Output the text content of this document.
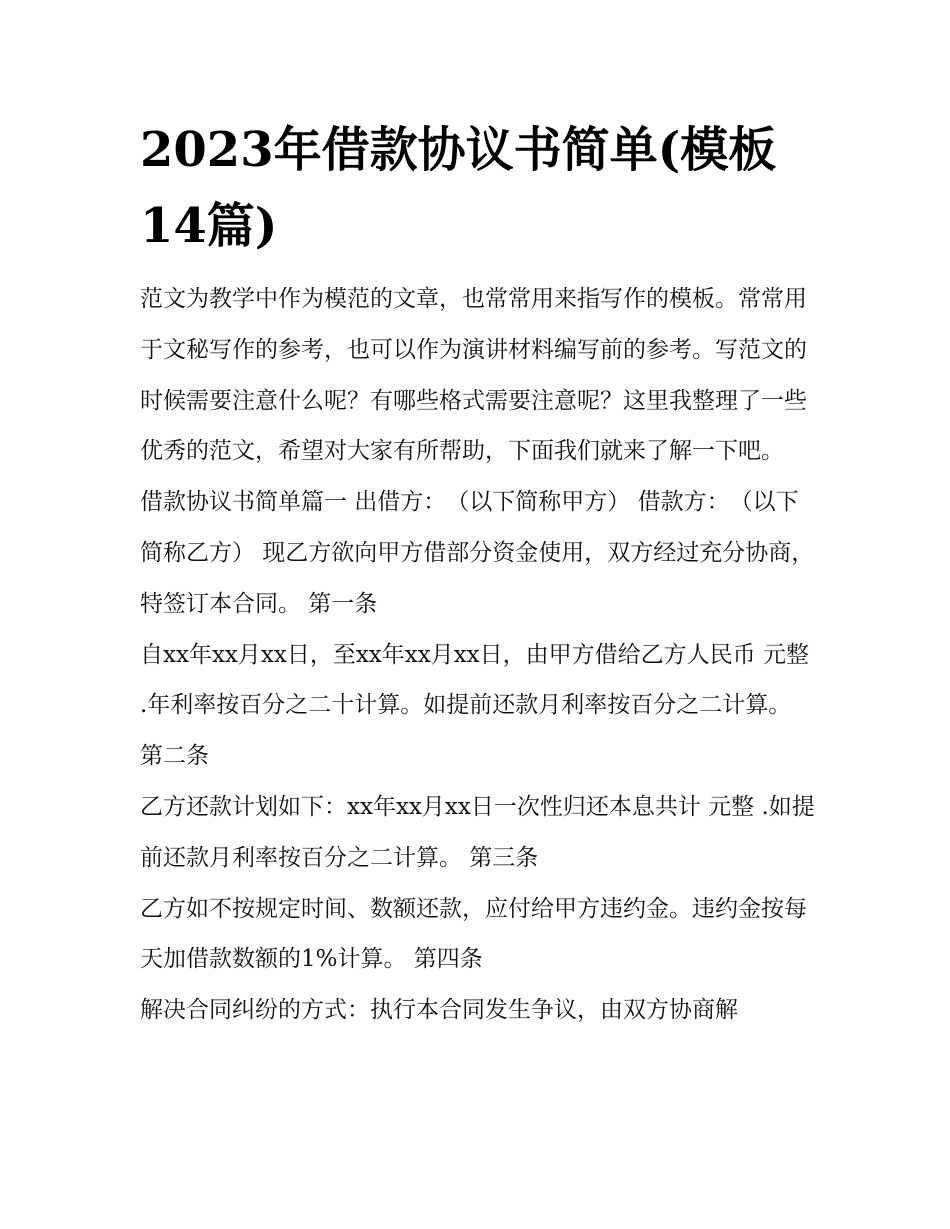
2023年借款协议书简单(模板14篇)

范文为教学中作为模范的文章，也常常用来指写作的模板。常常用于文秘写作的参考，也可以作为演讲材料编写前的参考。写范文的时候需要注意什么呢？有哪些格式需要注意呢？这里我整理了一些优秀的范文，希望对大家有所帮助，下面我们就来了解一下吧。

借款协议书简单篇一 出借方：　（以下简称甲方） 借款方：　（以下简称乙方） 现乙方欲向甲方借部分资金使用，双方经过充分协商，特签订本合同。 第一条

自xx年xx月xx日，至xx年xx月xx日，由甲方借给乙方人民币 元整 .年利率按百分之二十计算。如提前还款月利率按百分之二计算。 第二条

乙方还款计划如下：xx年xx月xx日一次性归还本息共计 元整 .如提前还款月利率按百分之二计算。 第三条

乙方如不按规定时间、数额还款，应付给甲方违约金。违约金按每天加借款数额的1%计算。 第四条

解决合同纠纷的方式：执行本合同发生争议，由双方协商解
